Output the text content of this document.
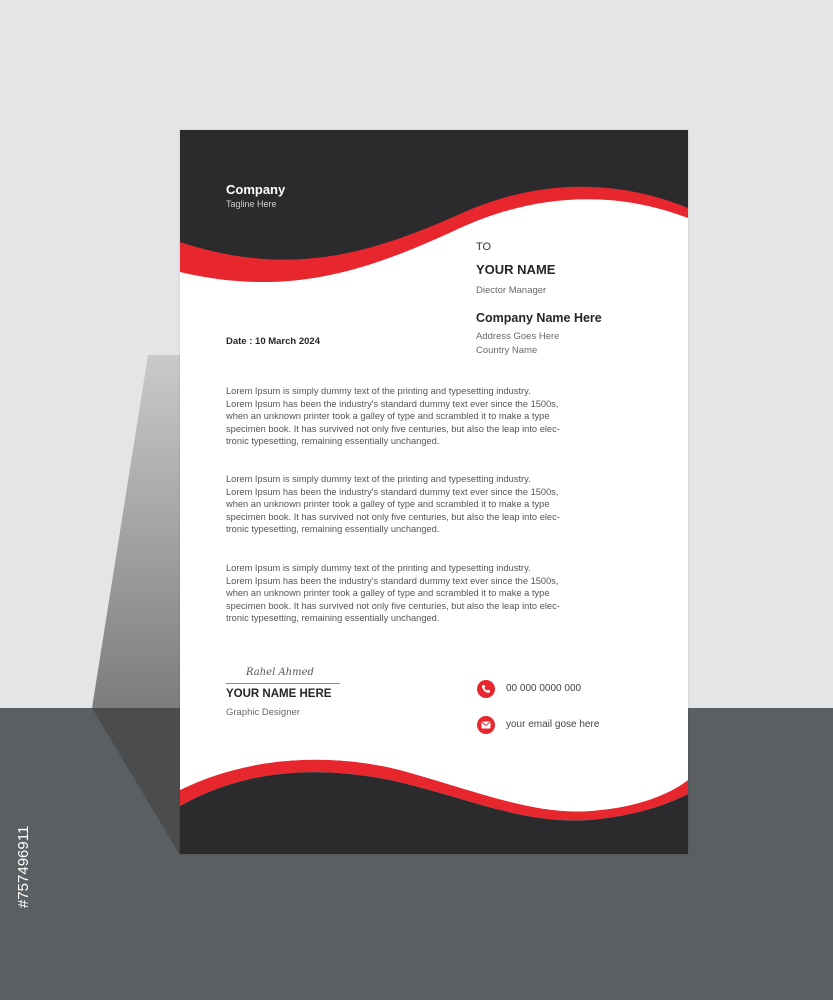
Company
Tagline Here
TO
YOUR NAME
Diector Manager
Company Name Here
Address Goes Here
Country Name
Date : 10 March 2024
Lorem Ipsum is simply dummy text of the printing and typesetting industry.
Lorem Ipsum has been the industry's standard dummy text ever since the 1500s,
when an unknown printer took a galley of type and scrambled it to make a type
specimen book. It has survived not only five centuries, but also the leap into elec-
tronic typesetting, remaining essentially unchanged.
Lorem Ipsum is simply dummy text of the printing and typesetting industry.
Lorem Ipsum has been the industry's standard dummy text ever since the 1500s,
when an unknown printer took a galley of type and scrambled it to make a type
specimen book. It has survived not only five centuries, but also the leap into elec-
tronic typesetting, remaining essentially unchanged.
Lorem Ipsum is simply dummy text of the printing and typesetting industry.
Lorem Ipsum has been the industry's standard dummy text ever since the 1500s,
when an unknown printer took a galley of type and scrambled it to make a type
specimen book. It has survived not only five centuries, but also the leap into elec-
tronic typesetting, remaining essentially unchanged.
Rahel Ahmed
YOUR NAME HERE
Graphic Designer
00 000 0000 000
your email gose here
#757496911
